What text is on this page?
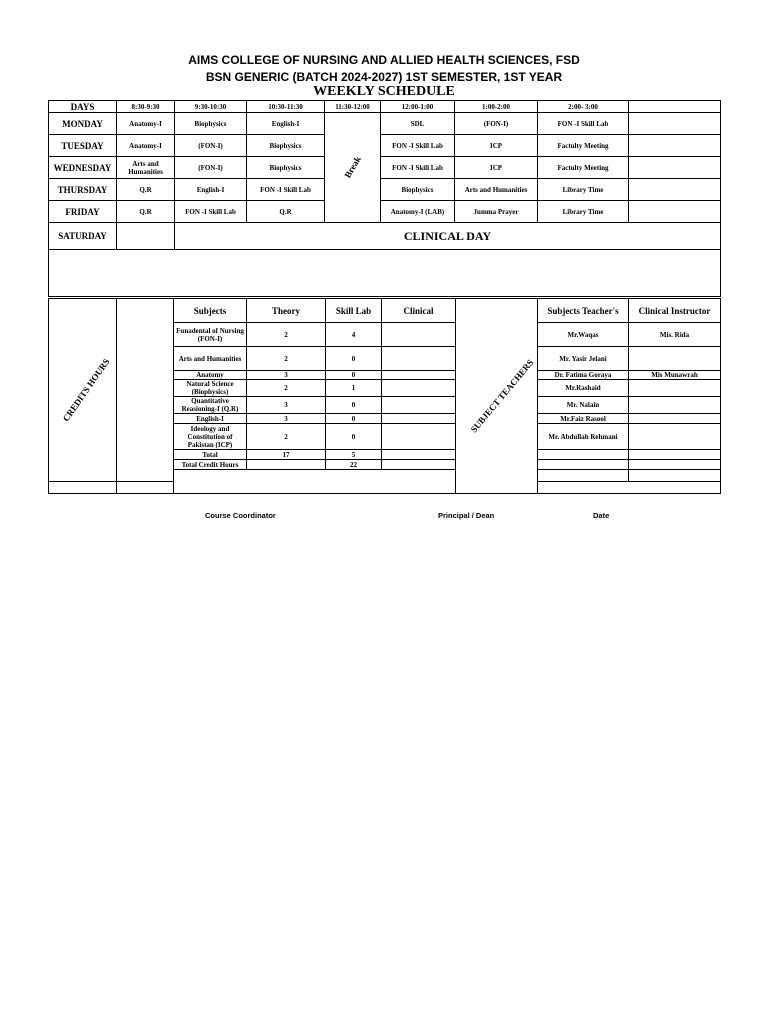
AIMS COLLEGE OF NURSING AND ALLIED HEALTH SCIENCES, FSD
BSN GENERIC (BATCH 2024-2027) 1ST SEMESTER, 1ST YEAR
WEEKLY SCHEDULE
DAYS	8:30-9:30	9:30-10:30	10:30-11:30	11:30-12:00	12:00-1:00	1:00-2:00	2:00- 3:00	
MONDAY	Anatomy-I	Biophysics	English-I	Break	SDL	(FON-I)	FON -I Skill Lab	
TUESDAY	Anatomy-I	(FON-I)	Biophysics		FON -I Skill Lab	ICP	Factulty Meeting	
WEDNESDAY	Arts and Humanities	(FON-I)	Biophysics		FON -I Skill Lab	ICP	Factulty Meeting	
THURSDAY	Q.R	English-I	FON -I Skill Lab		Biophysics	Arts and Humanities	Library Time	
FRIDAY	Q.R	FON -I Skill Lab	Q.R		Anatomy-I (LAB)	Jumma Prayer	Library Time	
SATURDAY		CLINICAL DAY						

CREDITS HOURS		Subjects	Theory	Skill Lab	Clinical	SUBJECT TEACHERS	Subjects Teacher's	Clinical Instructor
		Funadental of Nursing (FON-I)	2	4			Mr.Waqas	Mis. Rida
		Arts and Humanities	2	0			Mr. Yasir Jelani	
		Anatomy	3	0			Dr. Fatima Goraya	Mis Munawrah
		Natural Science (Biophysics)	2	1			Mr.Rashaid	
		Quantitative Reasioning-I (Q.R)	3	0			Mr. Nalain	
		English-I	3	0			Mr.Faiz Rasool	
		Ideology and Constitution of Pakistan (ICP)	2	0			Mr. Abdullah Rehmani	
		Total	17	5				
		Total Credit Hours		22				

Course Coordinator	Principal / Dean	Date
